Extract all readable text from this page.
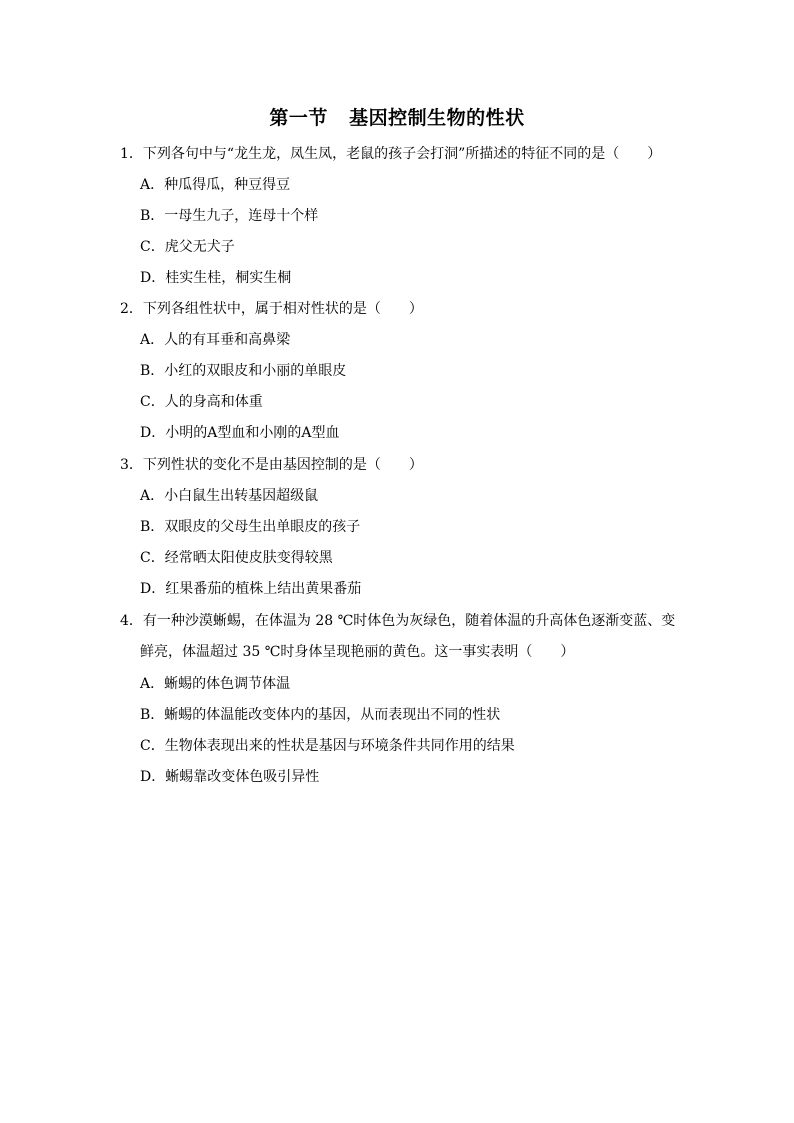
第一节   基因控制生物的性状
1．下列各句中与“龙生龙，凤生凤，老鼠的孩子会打洞”所描述的特征不同的是（　　）
A．种瓜得瓜，种豆得豆
B．一母生九子，连母十个样
C．虎父无犬子
D．桂实生桂，桐实生桐
2．下列各组性状中，属于相对性状的是（　　）
A．人的有耳垂和高鼻梁
B．小红的双眼皮和小丽的单眼皮
C．人的身高和体重
D．小明的A型血和小刚的A型血
3．下列性状的变化不是由基因控制的是（　　）
A．小白鼠生出转基因超级鼠
B．双眼皮的父母生出单眼皮的孩子
C．经常晒太阳使皮肤变得较黑
D．红果番茄的植株上结出黄果番茄
4．有一种沙漠蜥蜴，在体温为 28 ℃时体色为灰绿色，随着体温的升高体色逐渐变蓝、变
鲜亮，体温超过 35 ℃时身体呈现艳丽的黄色。这一事实表明（　　）
A．蜥蜴的体色调节体温
B．蜥蜴的体温能改变体内的基因，从而表现出不同的性状
C．生物体表现出来的性状是基因与环境条件共同作用的结果
D．蜥蜴靠改变体色吸引异性
